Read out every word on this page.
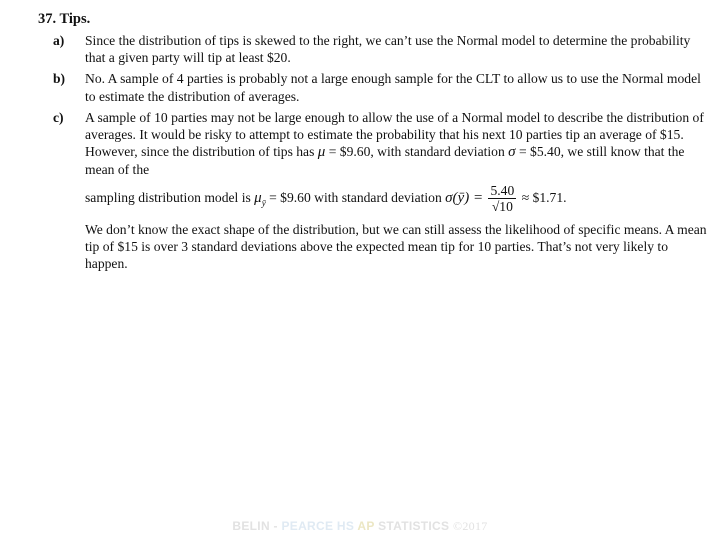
37. Tips.
a) Since the distribution of tips is skewed to the right, we can’t use the Normal model to determine the probability that a given party will tip at least $20.
b) No. A sample of 4 parties is probably not a large enough sample for the CLT to allow us to use the Normal model to estimate the distribution of averages.
c) A sample of 10 parties may not be large enough to allow the use of a Normal model to describe the distribution of averages. It would be risky to attempt to estimate the probability that his next 10 parties tip an average of $15. However, since the distribution of tips has μ = $9.60, with standard deviation σ = $5.40, we still know that the mean of the
sampling distribution model is $\mu_ȳ$ = $9.60 with standard deviation σ(ȳ) = $\frac{5.40}{√10}$ ≈ $1.71.
We don’t know the exact shape of the distribution, but we can still assess the likelihood of specific means. A mean tip of $15 is over 3 standard deviations above the expected mean tip for 10 parties. That’s not very likely to happen.
BELIN - PEARCE HS AP STATISTICS ©2017
